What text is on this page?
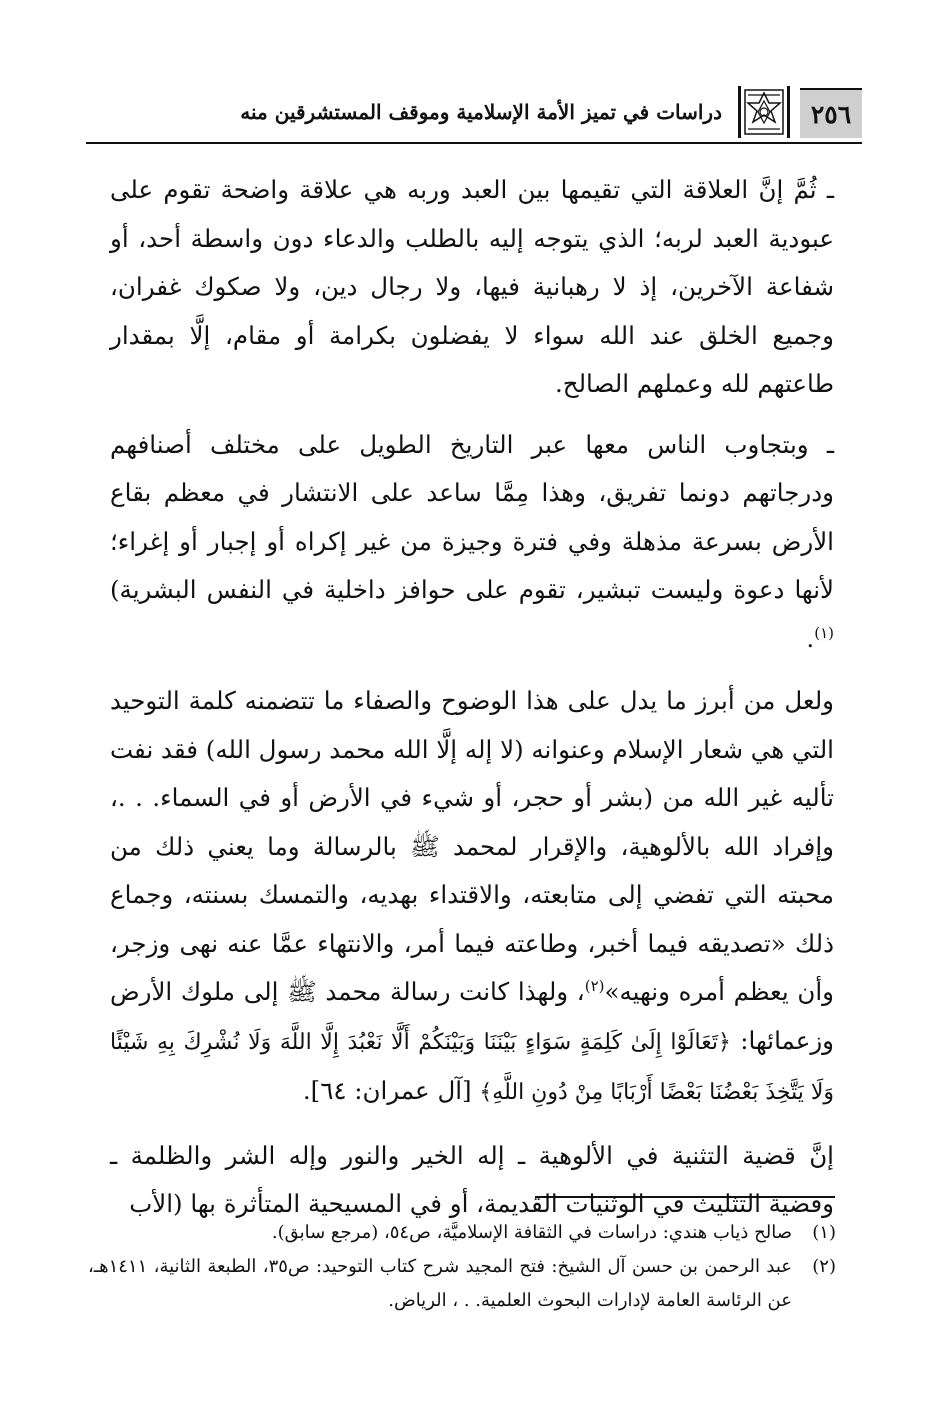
٢٥٦
دراسات في تميز الأمة الإسلامية وموقف المستشرقين منه

ـ ثُمَّ إنَّ العلاقة التي تقيمها بين العبد وربه هي علاقة واضحة تقوم على عبودية العبد لربه؛ الذي يتوجه إليه بالطلب والدعاء دون واسطة أحد، أو شفاعة الآخرين، إذ لا رهبانية فيها، ولا رجال دين، ولا صكوك غفران، وجميع الخلق عند الله سواء لا يفضلون بكرامة أو مقام، إلَّا بمقدار طاعتهم لله وعملهم الصالح.

ـ وبتجاوب الناس معها عبر التاريخ الطويل على مختلف أصنافهم ودرجاتهم دونما تفريق، وهذا مِمَّا ساعد على الانتشار في معظم بقاع الأرض بسرعة مذهلة وفي فترة وجيزة من غير إكراه أو إجبار أو إغراء؛ لأنها دعوة وليست تبشير، تقوم على حوافز داخلية في النفس البشرية)$^{(١)}$.

ولعل من أبرز ما يدل على هذا الوضوح والصفاء ما تتضمنه كلمة التوحيد التي هي شعار الإسلام وعنوانه (لا إله إلَّا الله محمد رسول الله) فقد نفت تأليه غير الله من (بشر أو حجر، أو شيء في الأرض أو في السماء. . .، وإفراد الله بالألوهية، والإقرار لمحمد ﷺ بالرسالة وما يعني ذلك من محبته التي تفضي إلى متابعته، والاقتداء بهديه، والتمسك بسنته، وجماع ذلك «تصديقه فيما أخبر، وطاعته فيما أمر، والانتهاء عمَّا عنه نهى وزجر، وأن يعظم أمره ونهيه»$^{(٢)}$، ولهذا كانت رسالة محمد ﷺ إلى ملوك الأرض وزعمائها: ﴿تَعَالَوْا إِلَىٰ كَلِمَةٍ سَوَاءٍ بَيْنَنَا وَبَيْنَكُمْ أَلَّا نَعْبُدَ إِلَّا اللَّهَ وَلَا نُشْرِكَ بِهِ شَيْئًا وَلَا يَتَّخِذَ بَعْضُنَا بَعْضًا أَرْبَابًا مِنْ دُونِ اللَّهِ﴾ [آل عمران: ٦٤].

إنَّ قضية التثنية في الألوهية ـ إله الخير والنور وإله الشر والظلمة ـ وقضية التثليث في الوثنيات القديمة، أو في المسيحية المتأثرة بها (الأب

(١)
صالح ذياب هندي: دراسات في الثقافة الإسلاميَّة، ص٥٤، (مرجع سابق).
(٢)
عبد الرحمن بن حسن آل الشيخ: فتح المجيد شرح كتاب التوحيد: ص٣٥، الطبعة الثانية، ١٤١١هـ، عن الرئاسة العامة لإدارات البحوث العلمية. . ، الرياض.
